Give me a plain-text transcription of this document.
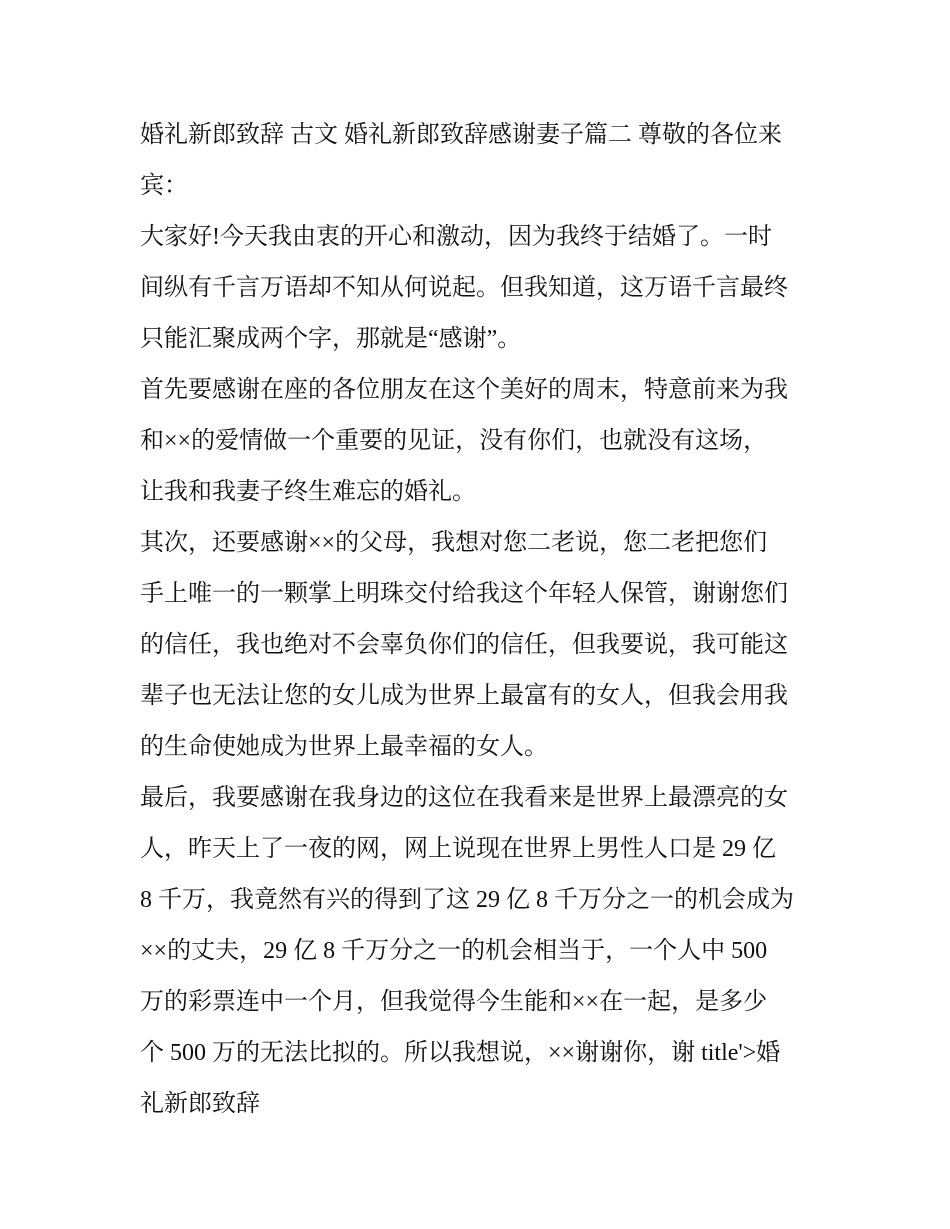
婚礼新郎致辞 古文 婚礼新郎致辞感谢妻子篇二 尊敬的各位来
宾：
大家好!今天我由衷的开心和激动，因为我终于结婚了。一时
间纵有千言万语却不知从何说起。但我知道，这万语千言最终
只能汇聚成两个字，那就是“感谢”。
首先要感谢在座的各位朋友在这个美好的周末，特意前来为我
和××的爱情做一个重要的见证，没有你们，也就没有这场，
让我和我妻子终生难忘的婚礼。
其次，还要感谢××的父母，我想对您二老说，您二老把您们
手上唯一的一颗掌上明珠交付给我这个年轻人保管，谢谢您们
的信任，我也绝对不会辜负你们的信任，但我要说，我可能这
辈子也无法让您的女儿成为世界上最富有的女人，但我会用我
的生命使她成为世界上最幸福的女人。
最后，我要感谢在我身边的这位在我看来是世界上最漂亮的女
人，昨天上了一夜的网，网上说现在世界上男性人口是 29 亿
8 千万，我竟然有兴的得到了这 29 亿 8 千万分之一的机会成为
××的丈夫，29 亿 8 千万分之一的机会相当于，一个人中 500
万的彩票连中一个月，但我觉得今生能和××在一起，是多少
个 500 万的无法比拟的。所以我想说，××谢谢你，谢 title'>婚
礼新郎致辞
